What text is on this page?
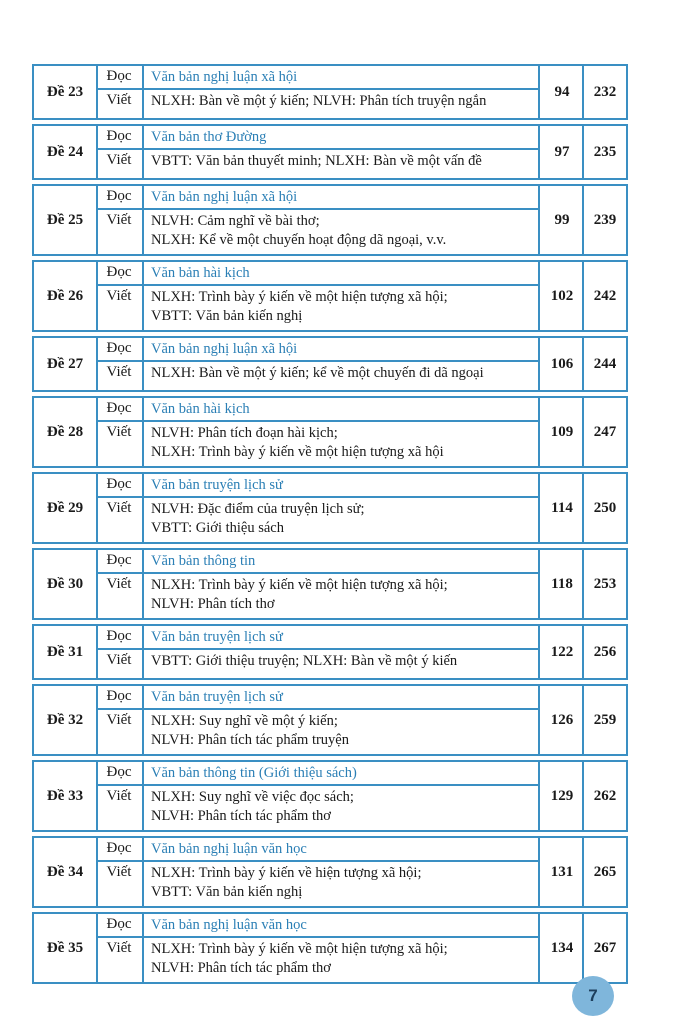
Đề 23
Đọc	Văn bản nghị luận xã hội
Viết	NLXH: Bàn về một ý kiến; NLVH: Phân tích truyện ngắn
94	232
Đề 24
Đọc	Văn bản thơ Đường
Viết	VBTT: Văn bản thuyết minh; NLXH: Bàn về một vấn đề
97	235
Đề 25
Đọc	Văn bản nghị luận xã hội
Viết	NLVH: Cảm nghĩ về bài thơ;
NLXH: Kể về một chuyến hoạt động dã ngoại, v.v.
99	239
Đề 26
Đọc	Văn bản hài kịch
Viết	NLXH: Trình bày ý kiến về một hiện tượng xã hội;
VBTT: Văn bản kiến nghị
102	242
Đề 27
Đọc	Văn bản nghị luận xã hội
Viết	NLXH: Bàn về một ý kiến; kể về một chuyến đi dã ngoại
106	244
Đề 28
Đọc	Văn bản hài kịch
Viết	NLVH: Phân tích đoạn hài kịch;
NLXH: Trình bày ý kiến về một hiện tượng xã hội
109	247
Đề 29
Đọc	Văn bản truyện lịch sử
Viết	NLVH: Đặc điểm của truyện lịch sử;
VBTT: Giới thiệu sách
114	250
Đề 30
Đọc	Văn bản thông tin
Viết	NLXH: Trình bày ý kiến về một hiện tượng xã hội;
NLVH: Phân tích thơ
118	253
Đề 31
Đọc	Văn bản truyện lịch sử
Viết	VBTT: Giới thiệu truyện; NLXH: Bàn về một ý kiến
122	256
Đề 32
Đọc	Văn bản truyện lịch sử
Viết	NLXH: Suy nghĩ về một ý kiến;
NLVH: Phân tích tác phẩm truyện
126	259
Đề 33
Đọc	Văn bản thông tin (Giới thiệu sách)
Viết	NLXH: Suy nghĩ về việc đọc sách;
NLVH: Phân tích tác phẩm thơ
129	262
Đề 34
Đọc	Văn bản nghị luận văn học
Viết	NLXH: Trình bày ý kiến về hiện tượng xã hội;
VBTT: Văn bản kiến nghị
131	265
Đề 35
Đọc	Văn bản nghị luận văn học
Viết	NLXH: Trình bày ý kiến về một hiện tượng xã hội;
NLVH: Phân tích tác phẩm thơ
134	267
7
